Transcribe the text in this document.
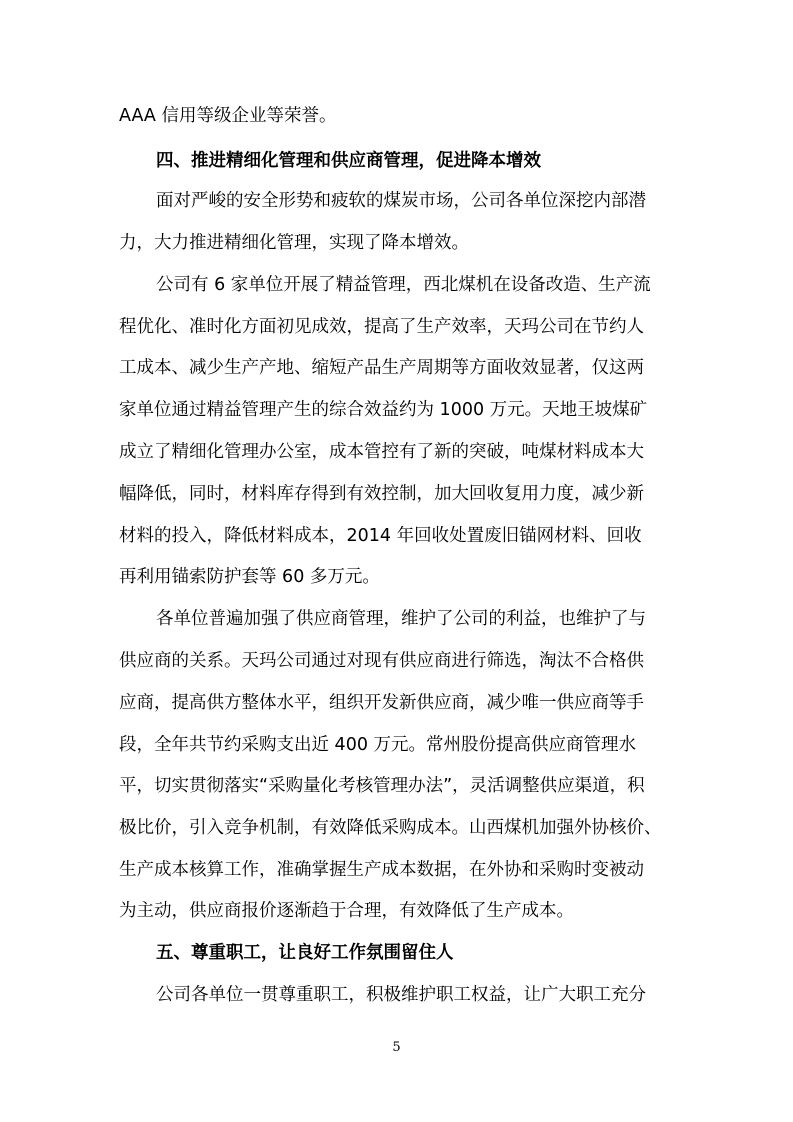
AAA 信用等级企业等荣誉。
四、推进精细化管理和供应商管理，促进降本增效
面对严峻的安全形势和疲软的煤炭市场，公司各单位深挖内部潜
力，大力推进精细化管理，实现了降本增效。
公司有 6 家单位开展了精益管理，西北煤机在设备改造、生产流
程优化、准时化方面初见成效，提高了生产效率，天玛公司在节约人
工成本、减少生产产地、缩短产品生产周期等方面收效显著，仅这两
家单位通过精益管理产生的综合效益约为 1000 万元。天地王坡煤矿
成立了精细化管理办公室，成本管控有了新的突破，吨煤材料成本大
幅降低，同时，材料库存得到有效控制，加大回收复用力度，减少新
材料的投入，降低材料成本，2014 年回收处置废旧锚网材料、回收
再利用锚索防护套等 60 多万元。
各单位普遍加强了供应商管理，维护了公司的利益，也维护了与
供应商的关系。天玛公司通过对现有供应商进行筛选，淘汰不合格供
应商，提高供方整体水平，组织开发新供应商，减少唯一供应商等手
段，全年共节约采购支出近 400 万元。常州股份提高供应商管理水
平，切实贯彻落实“采购量化考核管理办法”，灵活调整供应渠道，积
极比价，引入竞争机制，有效降低采购成本。山西煤机加强外协核价、
生产成本核算工作，准确掌握生产成本数据，在外协和采购时变被动
为主动，供应商报价逐渐趋于合理，有效降低了生产成本。
五、尊重职工，让良好工作氛围留住人
公司各单位一贯尊重职工，积极维护职工权益，让广大职工充分
5
